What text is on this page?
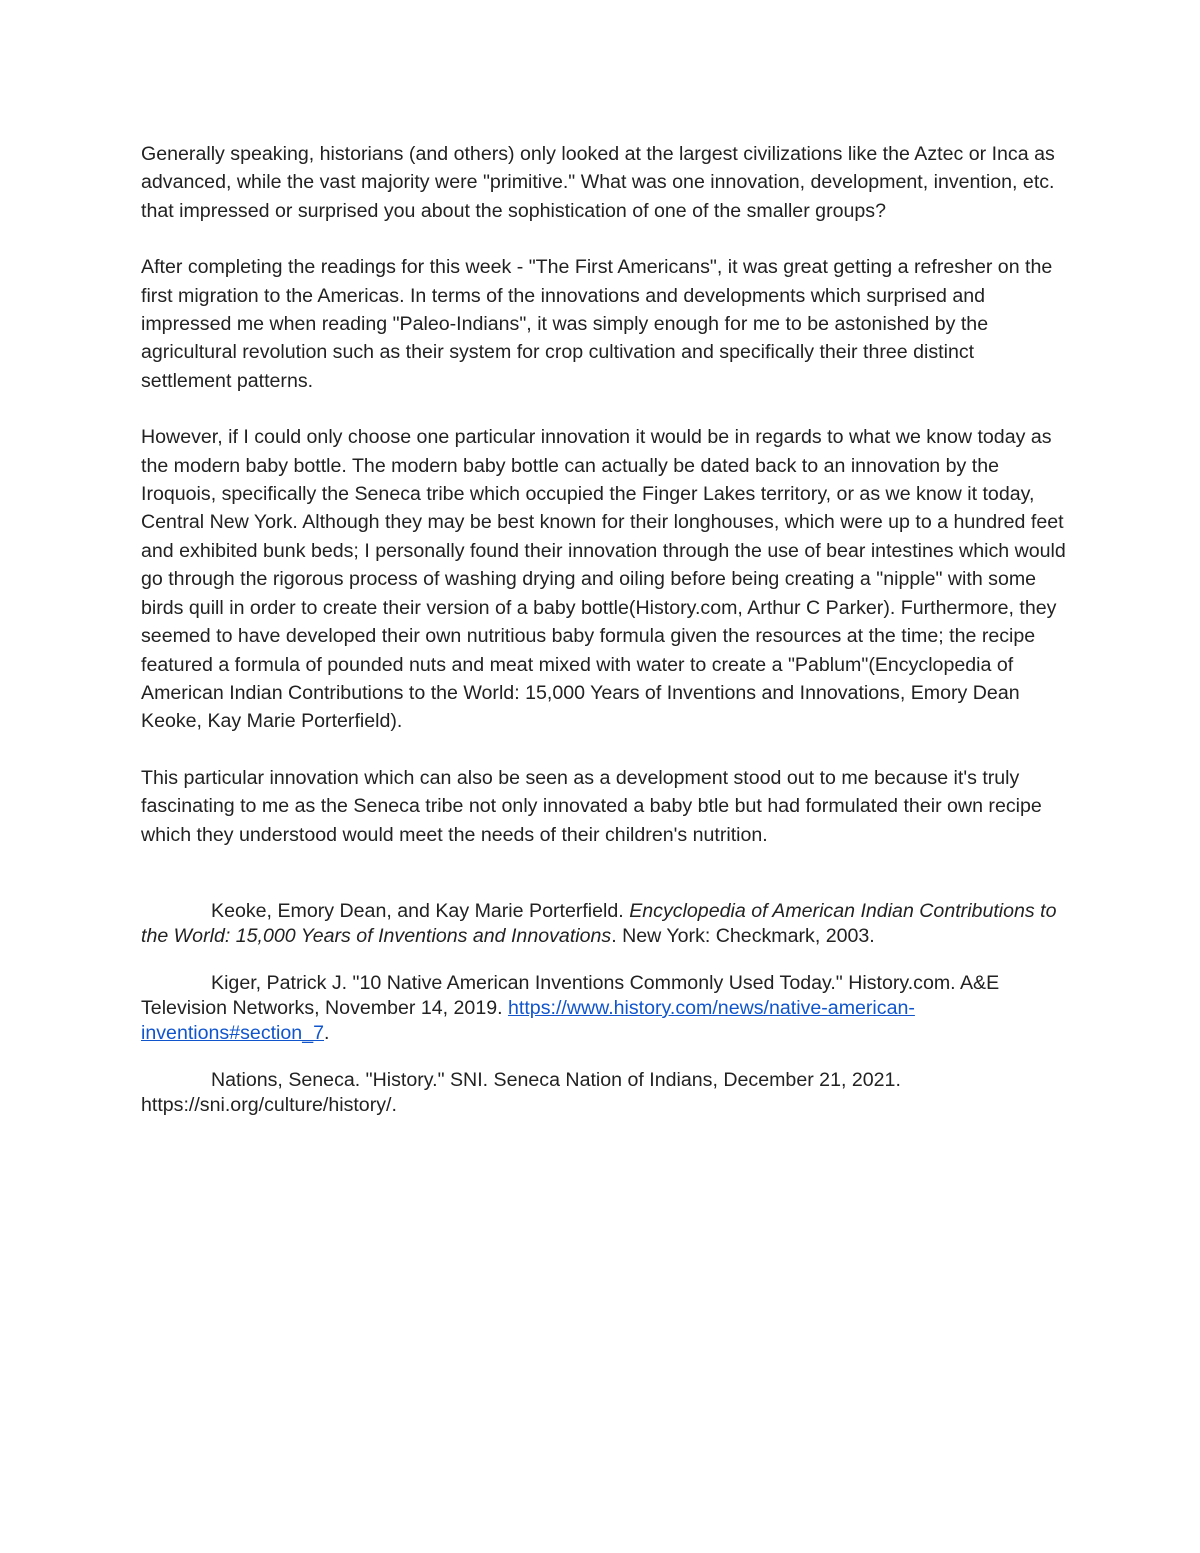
Generally speaking, historians (and others) only looked at the largest civilizations like the Aztec or Inca as advanced, while the vast majority were "primitive." What was one innovation, development, invention, etc. that impressed or surprised you about the sophistication of one of the smaller groups?

After completing the readings for this week - "The First Americans", it was great getting a refresher on the first migration to the Americas. In terms of the innovations and developments which surprised and impressed me when reading "Paleo-Indians", it was simply enough for me to be astonished by the agricultural revolution such as their system for crop cultivation and specifically their three distinct settlement patterns.

However, if I could only choose one particular innovation it would be in regards to what we know today as the modern baby bottle. The modern baby bottle can actually be dated back to an innovation by the Iroquois, specifically the Seneca tribe which occupied the Finger Lakes territory, or as we know it today, Central New York. Although they may be best known for their longhouses, which were up to a hundred feet and exhibited bunk beds; I personally found their innovation through the use of bear intestines which would go through the rigorous process of washing drying and oiling before being creating a "nipple" with some birds quill in order to create their version of a baby bottle(History.com, Arthur C Parker). Furthermore, they seemed to have developed their own nutritious baby formula given the resources at the time; the recipe featured a formula of pounded nuts and meat mixed with water to create a "Pablum"(Encyclopedia of American Indian Contributions to the World: 15,000 Years of Inventions and Innovations, Emory Dean Keoke, Kay Marie Porterfield).

This particular innovation which can also be seen as a development stood out to me because it's truly fascinating to me as the Seneca tribe not only innovated a baby btle but had formulated their own recipe which they understood would meet the needs of their children's nutrition.

Keoke, Emory Dean, and Kay Marie Porterfield. Encyclopedia of American Indian Contributions to the World: 15,000 Years of Inventions and Innovations. New York: Checkmark, 2003.

Kiger, Patrick J. "10 Native American Inventions Commonly Used Today." History.com. A&E Television Networks, November 14, 2019. https://www.history.com/news/native-american-inventions#section_7.

Nations, Seneca. "History." SNI. Seneca Nation of Indians, December 21, 2021. https://sni.org/culture/history/.
